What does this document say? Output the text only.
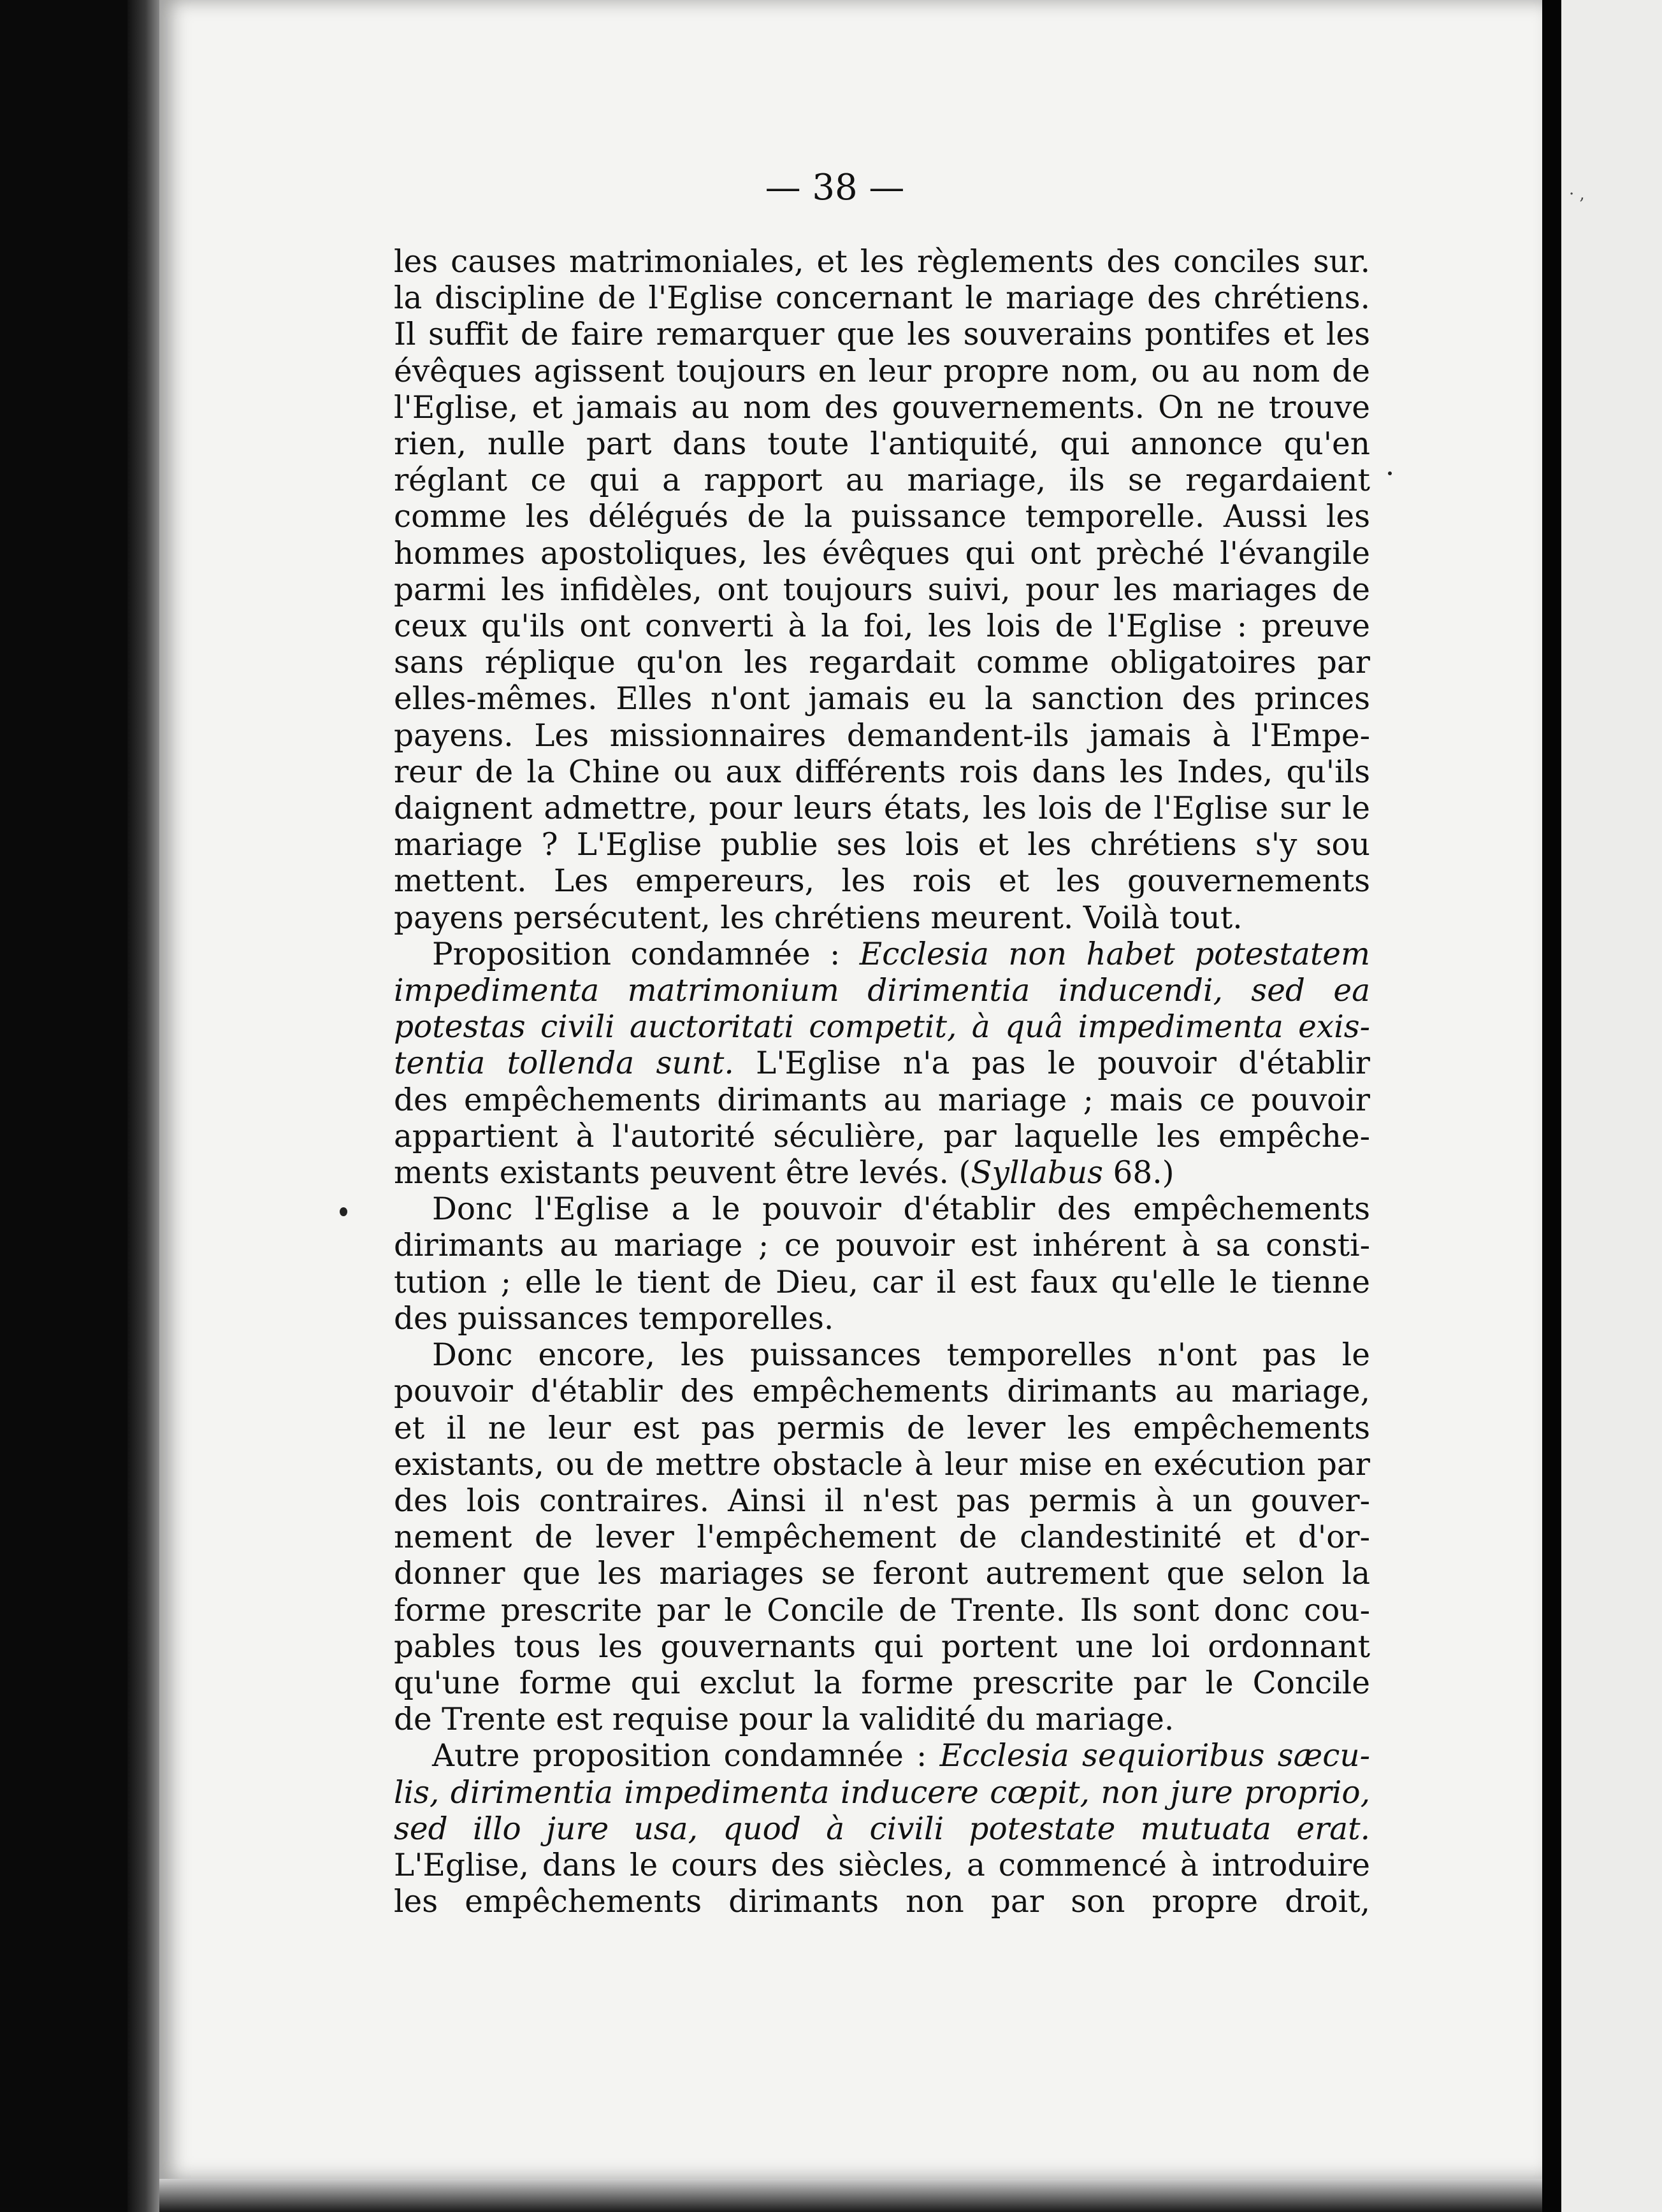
· ,
— 38 —
les causes matrimoniales, et les règlements des conciles sur.
la discipline de l'Eglise concernant le mariage des chrétiens.
Il suffit de faire remarquer que les souverains pontifes et les
évêques agissent toujours en leur propre nom, ou au nom de
l'Eglise, et jamais au nom des gouvernements. On ne trouve
rien, nulle part dans toute l'antiquité, qui annonce qu'en
réglant ce qui a rapport au mariage, ils se regardaient
comme les délégués de la puissance temporelle. Aussi les
hommes apostoliques, les évêques qui ont prèché l'évangile
parmi les infidèles, ont toujours suivi, pour les mariages de
ceux qu'ils ont converti à la foi, les lois de l'Eglise : preuve
sans réplique qu'on les regardait comme obligatoires par
elles-mêmes. Elles n'ont jamais eu la sanction des princes
payens. Les missionnaires demandent-ils jamais à l'Empe-
reur de la Chine ou aux différents rois dans les Indes, qu'ils
daignent admettre, pour leurs états, les lois de l'Eglise sur le
mariage ? L'Eglise publie ses lois et les chrétiens s'y sou
mettent. Les empereurs, les rois et les gouvernements
payens persécutent, les chrétiens meurent. Voilà tout.
Proposition condamnée : Ecclesia non habet potestatem
impedimenta matrimonium dirimentia inducendi, sed ea
potestas civili auctoritati competit, à quâ impedimenta exis-
tentia tollenda sunt. L'Eglise n'a pas le pouvoir d'établir
des empêchements dirimants au mariage ; mais ce pouvoir
appartient à l'autorité séculière, par laquelle les empêche-
ments existants peuvent être levés. (Syllabus 68.)
Donc l'Eglise a le pouvoir d'établir des empêchements
dirimants au mariage ; ce pouvoir est inhérent à sa consti-
tution ; elle le tient de Dieu, car il est faux qu'elle le tienne
des puissances temporelles.
Donc encore, les puissances temporelles n'ont pas le
pouvoir d'établir des empêchements dirimants au mariage,
et il ne leur est pas permis de lever les empêchements
existants, ou de mettre obstacle à leur mise en exécution par
des lois contraires. Ainsi il n'est pas permis à un gouver-
nement de lever l'empêchement de clandestinité et d'or-
donner que les mariages se feront autrement que selon la
forme prescrite par le Concile de Trente. Ils sont donc cou-
pables tous les gouvernants qui portent une loi ordonnant
qu'une forme qui exclut la forme prescrite par le Concile
de Trente est requise pour la validité du mariage.
Autre proposition condamnée : Ecclesia sequioribus sæcu-
lis, dirimentia impedimenta inducere cœpit, non jure proprio,
sed illo jure usa, quod à civili potestate mutuata erat.
L'Eglise, dans le cours des siècles, a commencé à introduire
les empêchements dirimants non par son propre droit,
